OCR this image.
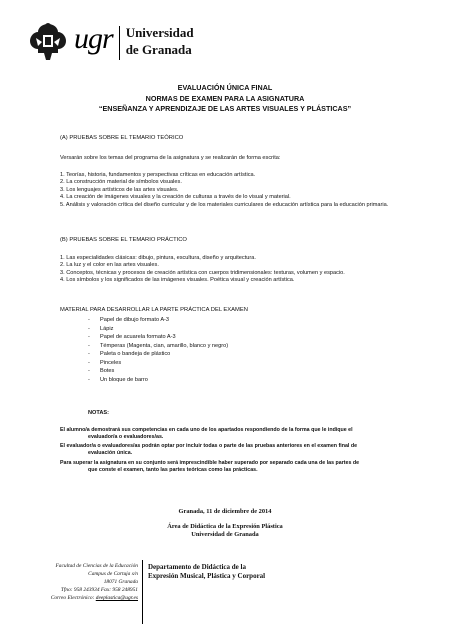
ugr Universidad
de Granada
EVALUACIÓN ÚNICA FINAL
NORMAS DE EXAMEN PARA LA ASIGNATURA
“ENSEÑANZA Y APRENDIZAJE DE LAS ARTES VISUALES Y PLÁSTICAS”
(A) PRUEBAS SOBRE EL TEMARIO TEÓRICO
Versarán sobre los temas del programa de la asignatura y se realizarán de forma escrita:
1. Teorías, historia, fundamentos y perspectivas críticas en educación artística.
2. La construcción material de símbolos visuales.
3. Los lenguajes artísticos de las artes visuales.
4. La creación de imágenes visuales y la creación de culturas a través de lo visual y material.
5. Análisis y valoración crítica del diseño curricular y de los materiales curriculares de educación artística para la educación primaria.
(B) PRUEBAS SOBRE EL TEMARIO PRÁCTICO
1. Las especialidades clásicas: dibujo, pintura, escultura, diseño y arquitectura.
2. La luz y el color en las artes visuales.
3. Conceptos, técnicas y procesos de creación artística con cuerpos tridimensionales: texturas, volumen y espacio.
4. Los símbolos y los significados de las imágenes visuales. Poética visual y creación artística.
MATERIAL PARA DESARROLLAR LA PARTE PRÁCTICA DEL EXAMEN
- Papel de dibujo formato A-3
- Lápiz
- Papel de acuarela formato A-3
- Témperas (Magenta, cian, amarillo, blanco y negro)
- Paleta o bandeja de plástico
- Pinceles
- Botes
- Un bloque de barro
NOTAS:
El alumno/a demostrará sus competencias en cada uno de los apartados respondiendo de la forma que le indique el
evaluador/a o evaluadores/as.
El evaluador/a o evaluadores/as podrán optar por incluir todas o parte de las pruebas anteriores en el examen final de
evaluación única.
Para superar la asignatura en su conjunto será imprescindible haber superado por separado cada una de las partes de
que conste el examen, tanto las partes teóricas como las prácticas.
Granada, 11 de diciembre de 2014
Área de Didáctica de la Expresión Plástica
Universidad de Granada
Facultad de Ciencias de la Educación
Campus de Cartuja s/n
18071 Granada
Tfno: 958 243934 Fax: 958 248951
Correo Electrónico: deeplastica@ugr.es
Departamento de Didáctica de la
Expresión Musical, Plástica y Corporal
